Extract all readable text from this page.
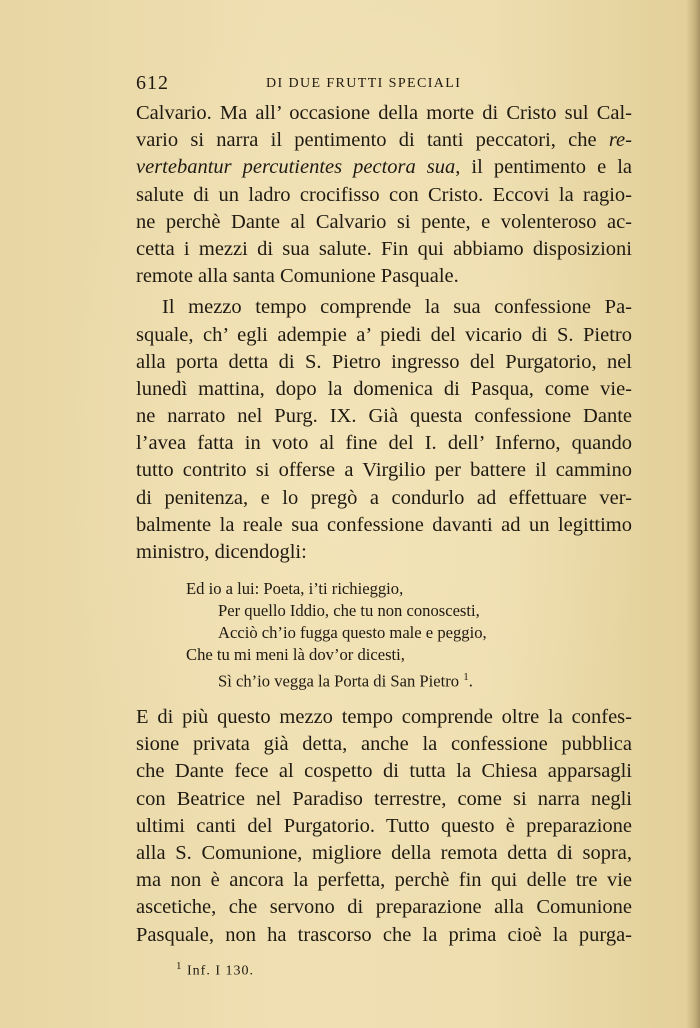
612	DI DUE FRUTTI SPECIALI
Calvario. Ma all’ occasione della morte di Cristo sul Cal-
vario si narra il pentimento di tanti peccatori, che re-
vertebantur percutientes pectora sua, il pentimento e la
salute di un ladro crocifisso con Cristo. Eccovi la ragio-
ne perchè Dante al Calvario si pente, e volenteroso ac-
cetta i mezzi di sua salute. Fin qui abbiamo disposizioni
remote alla santa Comunione Pasquale.
Il mezzo tempo comprende la sua confessione Pa-
squale, ch’ egli adempie a’ piedi del vicario di S. Pietro
alla porta detta di S. Pietro ingresso del Purgatorio, nel
lunedì mattina, dopo la domenica di Pasqua, come vie-
ne narrato nel Purg. IX. Già questa confessione Dante
l’avea fatta in voto al fine del I. dell’ Inferno, quando
tutto contrito si offerse a Virgilio per battere il cammino
di penitenza, e lo pregò a condurlo ad effettuare ver-
balmente la reale sua confessione davanti ad un legittimo
ministro, dicendogli:
Ed io a lui: Poeta, i’ti richieggio,
Per quello Iddio, che tu non conoscesti,
Acciò ch’io fugga questo male e peggio,
Che tu mi meni là dov’or dicesti,
Sì ch’io vegga la Porta di San Pietro $^1$.
E di più questo mezzo tempo comprende oltre la confes-
sione privata già detta, anche la confessione pubblica
che Dante fece al cospetto di tutta la Chiesa apparsagli
con Beatrice nel Paradiso terrestre, come si narra negli
ultimi canti del Purgatorio. Tutto questo è preparazione
alla S. Comunione, migliore della remota detta di sopra,
ma non è ancora la perfetta, perchè fin qui delle tre vie
ascetiche, che servono di preparazione alla Comunione
Pasquale, non ha trascorso che la prima cioè la purga-
$^1$ Inf. I 130.
